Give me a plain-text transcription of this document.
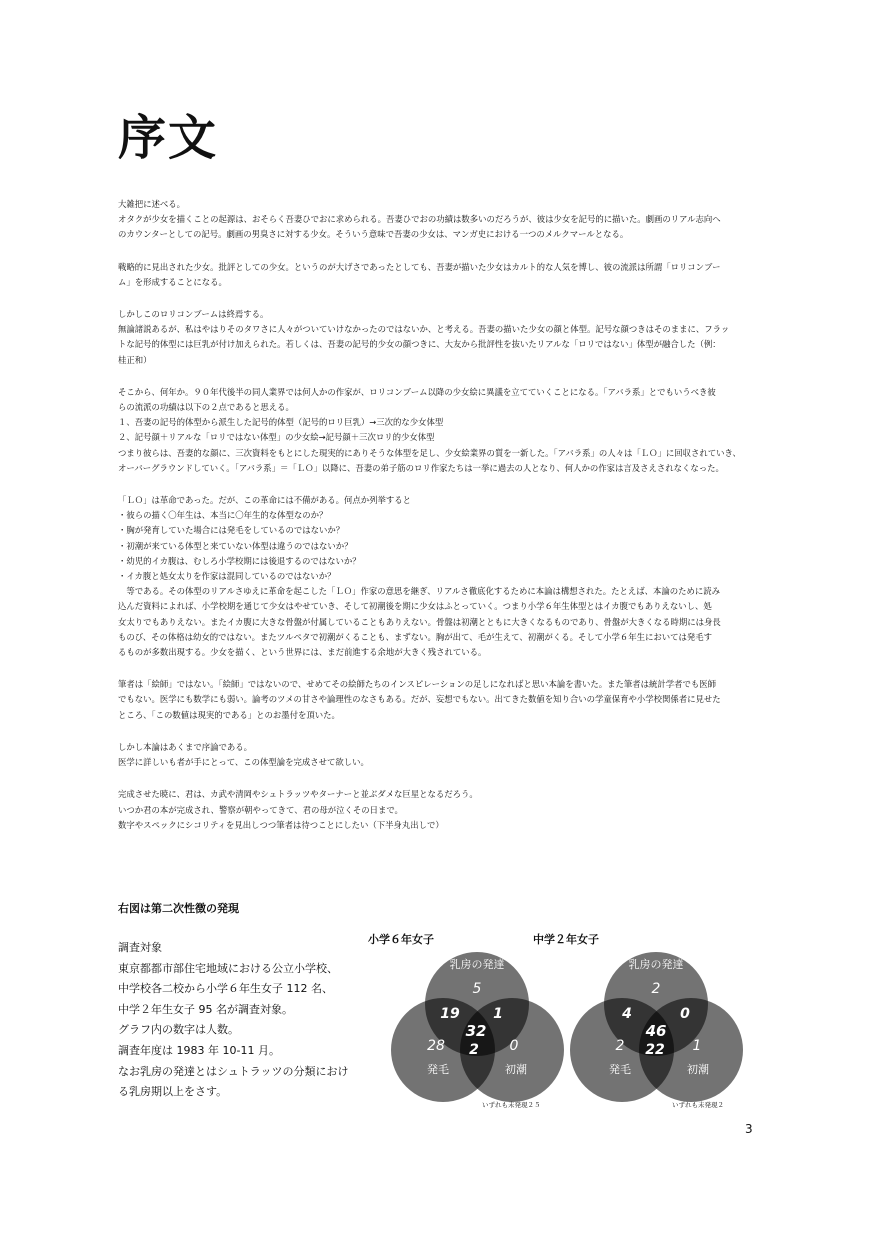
序文
大雑把に述べる。
オタクが少女を描くことの起源は、おそらく吾妻ひでおに求められる。吾妻ひでおの功績は数多いのだろうが、彼は少女を記号的に描いた。劇画のリアル志向へ
のカウンターとしての記号。劇画の男臭さに対する少女。そういう意味で吾妻の少女は、マンガ史における一つのメルクマールとなる。
戦略的に見出された少女。批評としての少女。というのが大げさであったとしても、吾妻が描いた少女はカルト的な人気を博し、彼の流派は所謂「ロリコンブー
ム」を形成することになる。
しかしこのロリコンブームは終焉する。
無論諸説あるが、私はやはりそのタワさに人々がついていけなかったのではないか、と考える。吾妻の描いた少女の顔と体型。記号な顔つきはそのままに、フラッ
トな記号的体型には巨乳が付け加えられた。若しくは、吾妻の記号的少女の顔つきに、大友から批評性を抜いたリアルな「ロリではない」体型が融合した（例：
桂正和）
そこから、何年か。９０年代後半の同人業界では何人かの作家が、ロリコンブーム以降の少女絵に異議を立てていくことになる。「アバラ系」とでもいうべき彼
らの流派の功績は以下の２点であると思える。
１、吾妻の記号的体型から派生した記号的体型（記号的ロリ巨乳）→三次的な少女体型
２、記号顔＋リアルな「ロリではない体型」の少女絵→記号顔＋三次ロリ的少女体型
つまり彼らは、吾妻的な顔に、三次資料をもとにした現実的にありそうな体型を足し、少女絵業界の質を一新した。「アバラ系」の人々は「ＬＯ」に回収されていき、
オーバーグラウンドしていく。「アバラ系」＝「ＬＯ」以降に、吾妻の弟子筋のロリ作家たちは一挙に過去の人となり、何人かの作家は言及さえされなくなった。
「ＬＯ」は革命であった。だが、この革命には不備がある。何点か列挙すると
・彼らの描く〇年生は、本当に〇年生的な体型なのか？
・胸が発育していた場合には発毛をしているのではないか？
・初潮が来ている体型と来ていない体型は違うのではないか？
・幼児的イカ腹は、むしろ小学校期には後退するのではないか？
・イカ腹と処女太りを作家は混同しているのではないか？
　等である。その体型のリアルさゆえに革命を起こした「ＬＯ」作家の意思を継ぎ、リアルさ徹底化するために本論は構想された。たとえば、本論のために読み
込んだ資料によれば、小学校期を通じて少女はやせていき、そして初潮後を期に少女はふとっていく。つまり小学６年生体型とはイカ腹でもありえないし、処
女太りでもありえない。またイカ腹に大きな骨盤が付属していることもありえない。骨盤は初潮とともに大きくなるものであり、骨盤が大きくなる時期には身長
ものび、その体格は幼女的ではない。またツルペタで初潮がくることも、まずない。胸が出て、毛が生えて、初潮がくる。そして小学６年生においては発毛す
るものが多数出現する。少女を描く、という世界には、まだ前進する余地が大きく残されている。
筆者は「絵師」ではない。「絵師」ではないので、せめてその絵師たちのインスピレーションの足しになればと思い本論を書いた。また筆者は統計学者でも医師
でもない。医学にも数学にも弱い。論考のツメの甘さや論理性のなさもある。だが、妄想でもない。出てきた数値を知り合いの学童保育や小学校関係者に見せた
ところ、「この数値は現実的である」とのお墨付を頂いた。
しかし本論はあくまで序論である。
医学に詳しいも者が手にとって、この体型論を完成させて欲しい。
完成させた暁に、君は、カ武や清岡やシュトラッツやターナーと並ぶダメな巨星となるだろう。
いつか君の本が完成され、警察が朝やってきて、君の母が泣くその日まで。
数字やスペックにシコリティを見出しつつ筆者は待つことにしたい（下半身丸出しで）
右図は第二次性徴の発現
調査対象
東京都都市部住宅地域における公立小学校、
中学校各二校から小学６年生女子 112 名、
中学２年生女子 95 名が調査対象。
グラフ内の数字は人数。
調査年度は 1983 年 10-11 月。
なお乳房の発達とはシュトラッツの分類におけ
る乳房期以上をさす。
小学６年女子	中学２年女子
乳房の発達
5
19 1
32
2
28	0
発毛	初潮
乳房の発達
2
4	0
46
22
2	1
発毛	初潮
いずれも未発現２５	いずれも未発現２
3
